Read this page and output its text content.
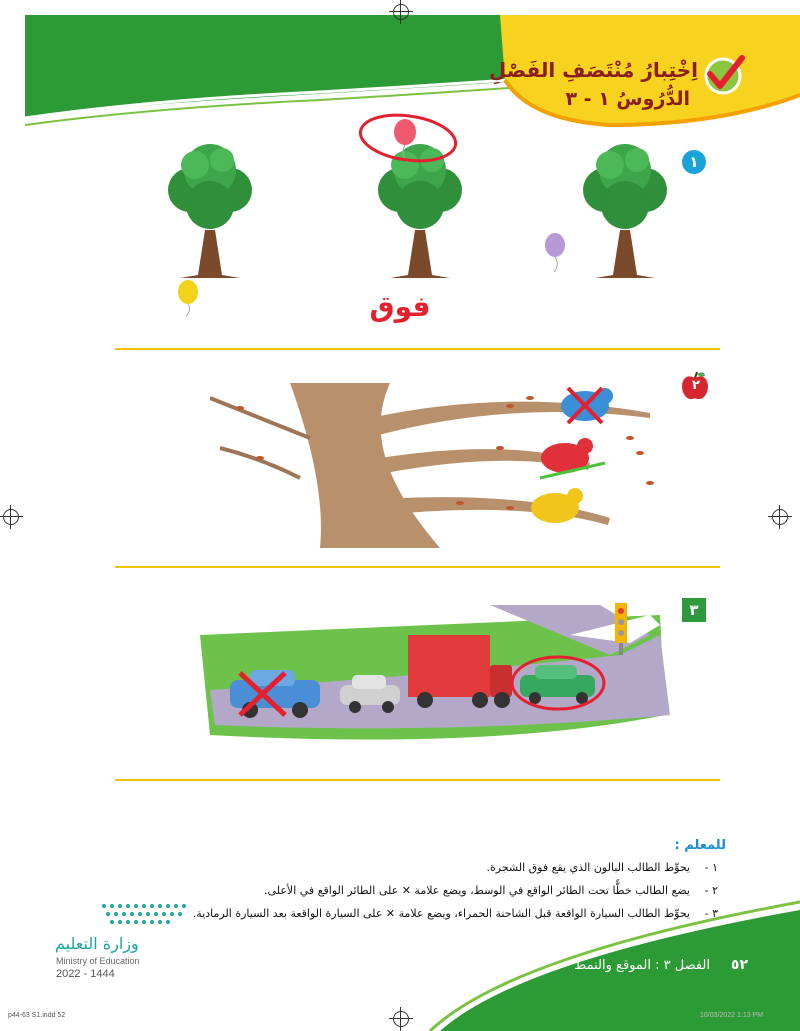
اِخْتِبارُ مُنْتَصَفِ الفَصْلِ
الدُّرُوسُ ١ - ٣
١
فوق
٢
٣
للمعلم :
١ -يحوِّط الطالب البالون الذي يقع فوق الشجرة.
٢ -يضع الطالب خطًّا تحت الطائر الواقع في الوسط، ويضع علامة ✕ على الطائر الواقع في الأعلى.
٣ -يحوِّط الطالب السيارة الواقعة قبل الشاحنة الحمراء، ويضع علامة ✕ على السيارة الواقعة بعد السيارة الرمادية.
وزارة التعليم
Ministry of Education
2022 - 1444
٥٢
الفصل ٣ : الموقع والنمط
p44-63 S1.indd 52	10/03/2022 1:13 PM
